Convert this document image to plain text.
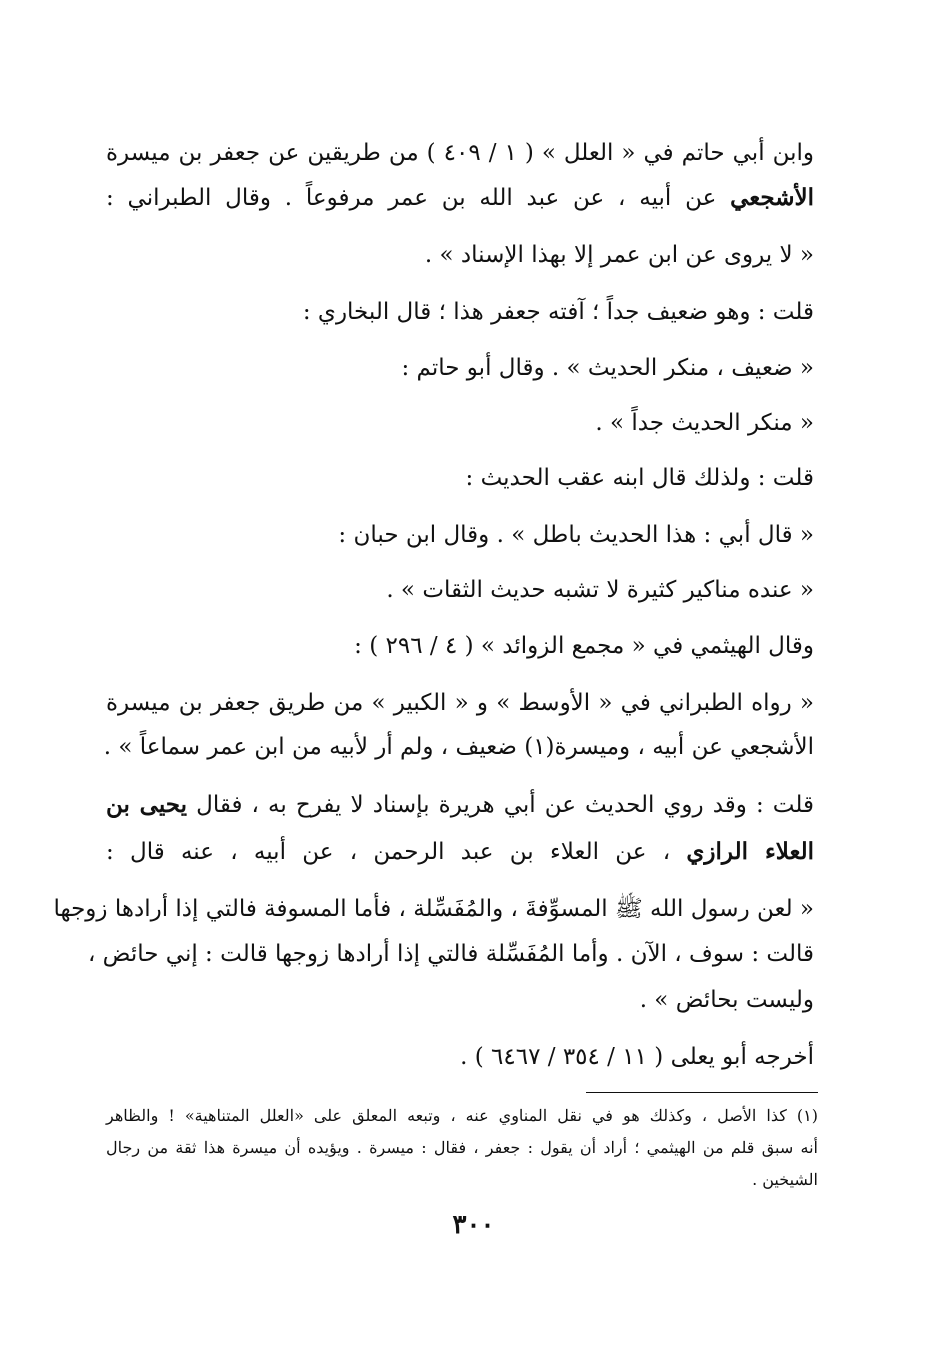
وابن أبي حاتم في « العلل » ( ١ / ٤٠٩ ) من طريقين عن جعفر بن ميسرة
الأشجعي عن أبيه ، عن عبد الله بن عمر مرفوعاً . وقال الطبراني :
« لا يروى عن ابن عمر إلا بهذا الإسناد » .
قلت : وهو ضعيف جداً ؛ آفته جعفر هذا ؛ قال البخاري :
« ضعيف ، منكر الحديث » . وقال أبو حاتم :
« منكر الحديث جداً » .
قلت : ولذلك قال ابنه عقب الحديث :
« قال أبي : هذا الحديث باطل » . وقال ابن حبان :
« عنده مناكير كثيرة لا تشبه حديث الثقات » .
وقال الهيثمي في « مجمع الزوائد » ( ٤ / ٢٩٦ ) :
« رواه الطبراني في « الأوسط » و « الكبير » من طريق جعفر بن ميسرة
الأشجعي عن أبيه ، وميسرة(١) ضعيف ، ولم أر لأبيه من ابن عمر سماعاً » .
قلت : وقد روي الحديث عن أبي هريرة بإسناد لا يفرح به ، فقال يحيى بن
العلاء الرازي ، عن العلاء بن عبد الرحمن ، عن أبيه ، عنه قال :
« لعن رسول الله ﷺ المسوِّفةَ ، والمُفَسِّلة ، فأما المسوفة فالتي إذا أرادها زوجها
قالت : سوف ، الآن . وأما المُفَسِّلة فالتي إذا أرادها زوجها قالت : إني حائض ،
وليست بحائض » .
أخرجه أبو يعلى ( ١١ / ٣٥٤ / ٦٤٦٧ ) .
(١) كذا الأصل ، وكذلك هو في نقل المناوي عنه ، وتبعه المعلق على «العلل المتناهية» ! والظاهر
أنه سبق قلم من الهيثمي ؛ أراد أن يقول : جعفر ، فقال : ميسرة . ويؤيده أن ميسرة هذا ثقة من رجال
الشيخين .
٣٠٠
